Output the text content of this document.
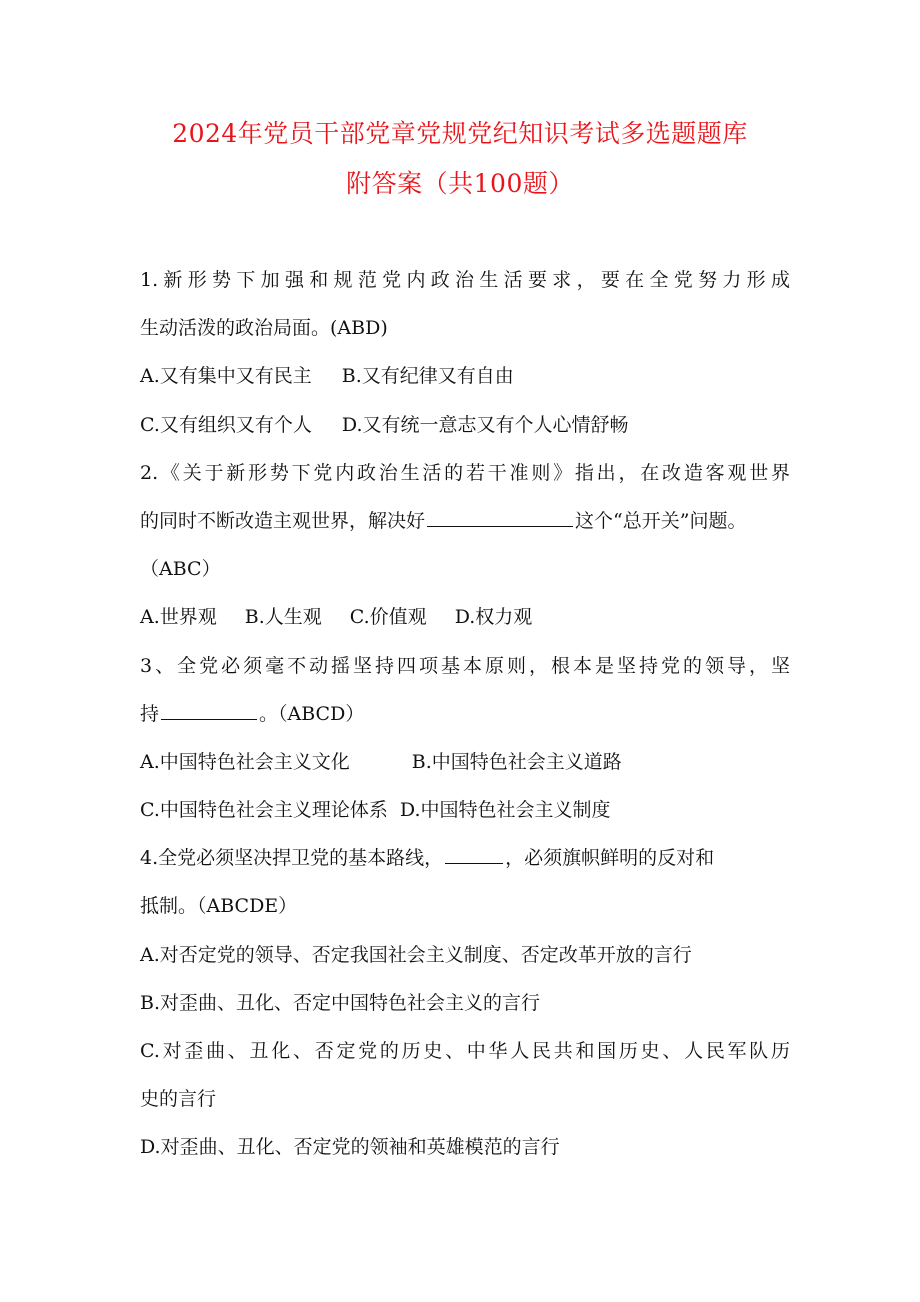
2024年党员干部党章党规党纪知识考试多选题题库
附答案（共100题）
1.新形势下加强和规范党内政治生活要求，要在全党努力形成
生动活泼的政治局面。(ABD)
A.又有集中又有民主 B.又有纪律又有自由
C.又有组织又有个人 D.又有统一意志又有个人心情舒畅
2.《关于新形势下党内政治生活的若干准则》指出，在改造客观世界
的同时不断改造主观世界，解决好	这个“总开关”问题。
（ABC）
A.世界观 B.人生观 C.价值观 D.权力观
3、全党必须毫不动摇坚持四项基本原则，根本是坚持党的领导，坚
持	。（ABCD）
A.中国特色社会主义文化	B.中国特色社会主义道路
C.中国特色社会主义理论体系 D.中国特色社会主义制度
4.全党必须坚决捍卫党的基本路线，	，必须旗帜鲜明的反对和
抵制。（ABCDE）
A.对否定党的领导、否定我国社会主义制度、否定改革开放的言行
B.对歪曲、丑化、否定中国特色社会主义的言行
C.对歪曲、丑化、否定党的历史、中华人民共和国历史、人民军队历
史的言行
D.对歪曲、丑化、否定党的领袖和英雄模范的言行
